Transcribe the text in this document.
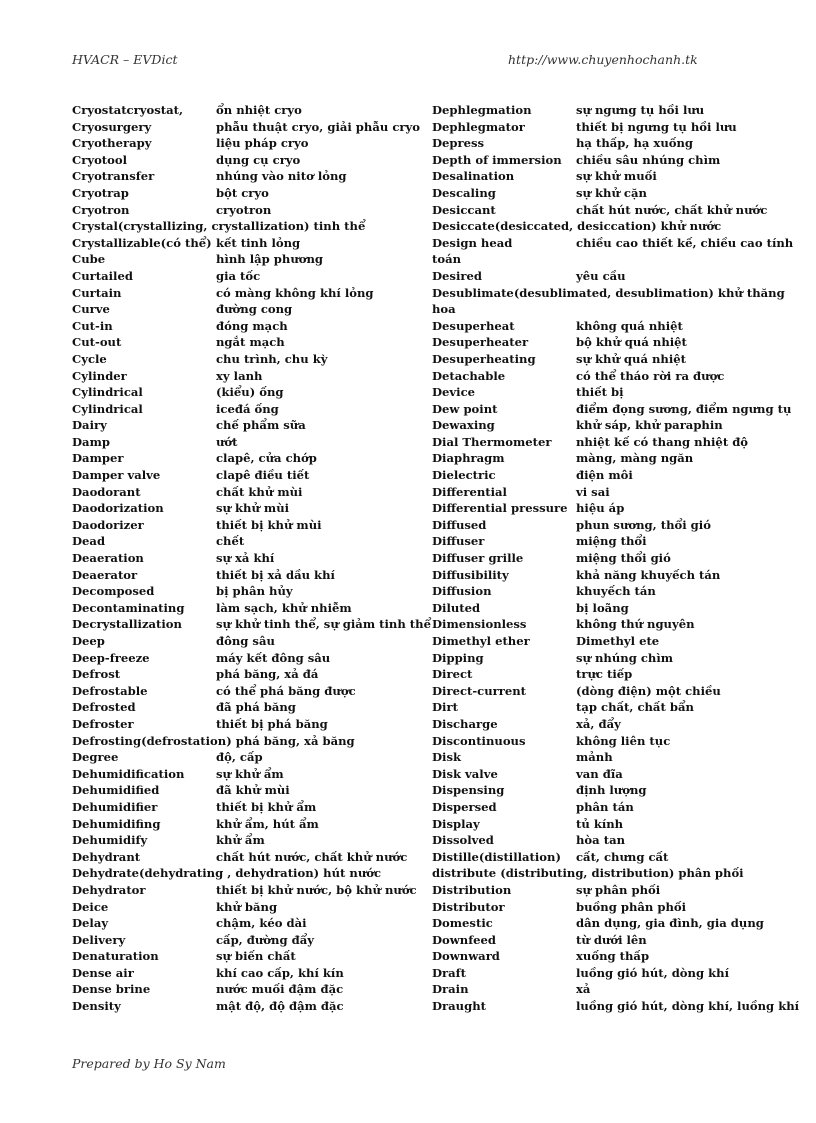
HVACR – EVDict	http://www.chuyenhochanh.tk
Cryostatcryostat,	ổn nhiệt cryo
Cryosurgery	phẫu thuật cryo, giải phẫu cryo
Cryotherapy	liệu pháp cryo
Cryotool	dụng cụ cryo
Cryotransfer	nhúng vào nitơ lỏng
Cryotrap	bột cryo
Cryotron	cryotron
Crystal(crystallizing, crystallization) tinh thể
Crystallizable(có thể) kết tinh lỏng
Cube	hình lập phương
Curtailed	gia tốc
Curtain	có màng không khí lỏng
Curve	đường cong
Cut-in	đóng mạch
Cut-out	ngắt mạch
Cycle	chu trình, chu kỳ
Cylinder	xy lanh
Cylindrical	(kiểu) ống
Cylindrical	iceđá ống
Dairy	chế phẩm sữa
Damp	ướt
Damper	clapê, cửa chớp
Damper valve	clapê điều tiết
Daodorant	chất khử mùi
Daodorization	sự khử mùi
Daodorizer	thiết bị khử mùi
Dead	chết
Deaeration	sự xả khí
Deaerator	thiết bị xả dầu khí
Decomposed	bị phân hủy
Decontaminating	làm sạch, khử nhiễm
Decrystallization	sự khử tinh thể, sự giảm tinh thể
Deep	đông sâu
Deep-freeze	máy kết đông sâu
Defrost	phá băng, xả đá
Defrostable	có thể phá băng được
Defrosted	đã phá băng
Defroster	thiết bị phá băng
Defrosting(defrostation) phá băng, xả băng
Degree	độ, cấp
Dehumidification	sự khử ẩm
Dehumidified	đã khử mùi
Dehumidifier	thiết bị khử ẩm
Dehumidifing	khử ẩm, hút ẩm
Dehumidify	khử ẩm
Dehydrant	chất hút nước, chất khử nước
Dehydrate(dehydrating , dehydration) hút nước
Dehydrator	thiết bị khử nước, bộ khử nước
Deice	khử băng
Delay	chậm, kéo dài
Delivery	cấp, đường đẩy
Denaturation	sự biến chất
Dense air	khí cao cấp, khí kín
Dense brine	nước muối đậm đặc
Density	mật độ, độ đậm đặc
Dephlegmation	sự ngưng tụ hồi lưu
Dephlegmator	thiết bị ngưng tụ hồi lưu
Depress	hạ thấp, hạ xuống
Depth of immersion chiều sâu nhúng chìm
Desalination	sự khử muối
Descaling	sự khử cặn
Desiccant	chất hút nước, chất khử nước
Desiccate(desiccated, desiccation) khử nước
Design head	chiều cao thiết kế, chiều cao tính
toán
Desired	yêu cầu
Desublimate(desublimated, desublimation) khử thăng
hoa
Desuperheat	không quá nhiệt
Desuperheater	bộ khử quá nhiệt
Desuperheating	sự khử quá nhiệt
Detachable	có thể tháo rời ra được
Device	thiết bị
Dew point	điểm đọng sương, điểm ngưng tụ
Dewaxing	khử sáp, khử paraphin
Dial Thermometer nhiệt kế có thang nhiệt độ
Diaphragm	màng, màng ngăn
Dielectric	điện môi
Differential	vi sai
Differential pressure hiệu áp
Diffused	phun sương, thổi gió
Diffuser	miệng thổi
Diffuser grille	miệng thổi gió
Diffusibility	khả năng khuyếch tán
Diffusion	khuyếch tán
Diluted	bị loãng
Dimensionless	không thứ nguyên
Dimethyl ether	Dimethyl ete
Dipping	sự nhúng chìm
Direct	trực tiếp
Direct-current	(dòng điện) một chiều
Dirt	tạp chất, chất bẩn
Discharge	xả, đẩy
Discontinuous	không liên tục
Disk	mảnh
Disk valve	van đĩa
Dispensing	định lượng
Dispersed	phân tán
Display	tủ kính
Dissolved	hòa tan
Distille(distillation) cất, chưng cất
distribute (distributing, distribution) phân phối
Distribution	sự phân phối
Distributor	buồng phân phối
Domestic	dân dụng, gia đình, gia dụng
Downfeed	từ dưới lên
Downward	xuống thấp
Draft	luồng gió hút, dòng khí
Drain	xả
Draught	luồng gió hút, dòng khí, luồng khí
Prepared by Ho Sy Nam
